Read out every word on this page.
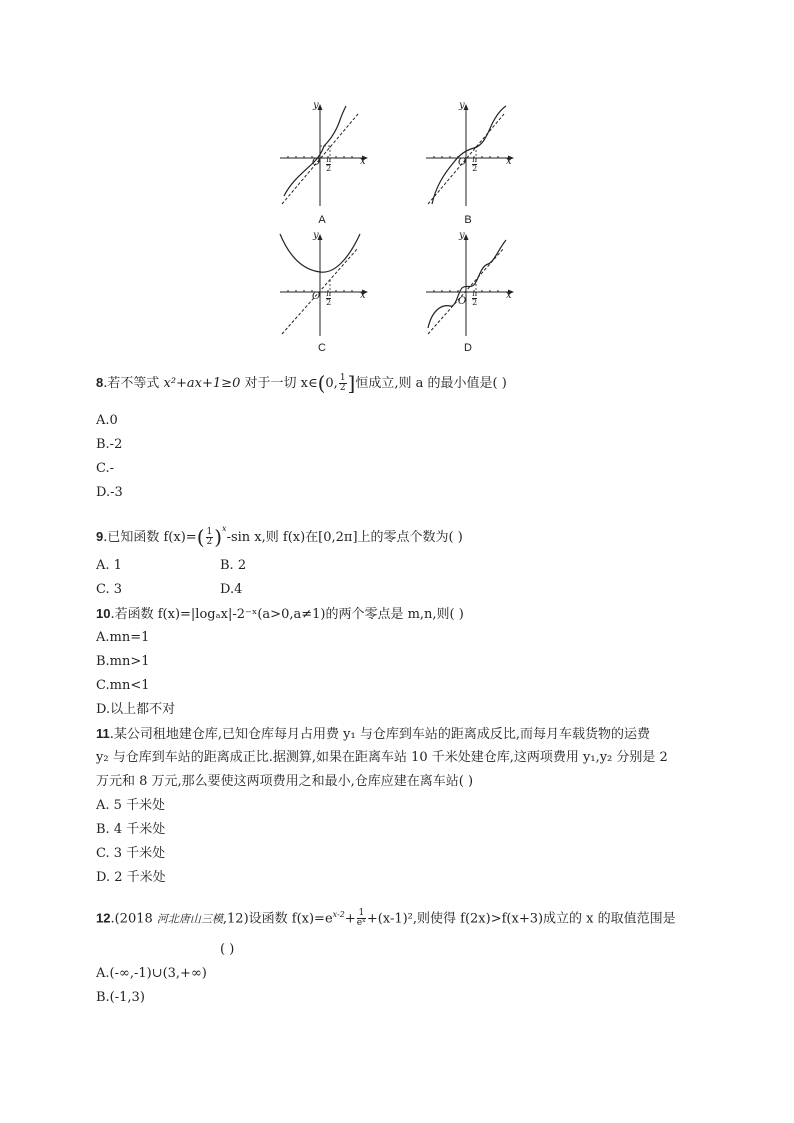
y
x
O $\frac{\pi}{2}$
A
y
x
O $\frac{\pi}{2}$
B
y
x
O $\frac{\pi}{2}$
C
y
x
O $\frac{\pi}{2}$
D
8.若不等式 x²+ax+1≥0 对于一切 x∈(0, $\frac{1}{2}$ ]恒成立,则 a 的最小值是( )
A.0
B.-2
C.-
D.-3
9.已知函数 $f(x)=( \frac{1}{2} )^x-\sin$ x,则 f(x)在[0,2π]上的零点个数为( )
A. 1	B. 2
C. 3	D.4
10.若函数 f(x)=|logₐx|-2⁻ˣ(a>0,a≠1)的两个零点是 m,n,则( )
A.mn=1
B.mn>1
C.mn<1
D.以上都不对
11.某公司租地建仓库,已知仓库每月占用费 y₁ 与仓库到车站的距离成反比,而每月车载货物的运费
y₂ 与仓库到车站的距离成正比.据测算,如果在距离车站 10 千米处建仓库,这两项费用 y₁,y₂ 分别是 2
万元和 8 万元,那么要使这两项费用之和最小,仓库应建在离车站( )
A. 5 千米处
B. 4 千米处
C. 3 千米处
D. 2 千米处
12.(2018 河北唐山三模,12)设函数 $f(x)=e^{x-2}+ \frac{1}{\text{eˣ}} +(x-1)^2$,则使得 f(2x)>f(x+3)成立的 x 的取值范围是
( )
A.(-∞,-1)∪(3,+∞)
B.(-1,3)
